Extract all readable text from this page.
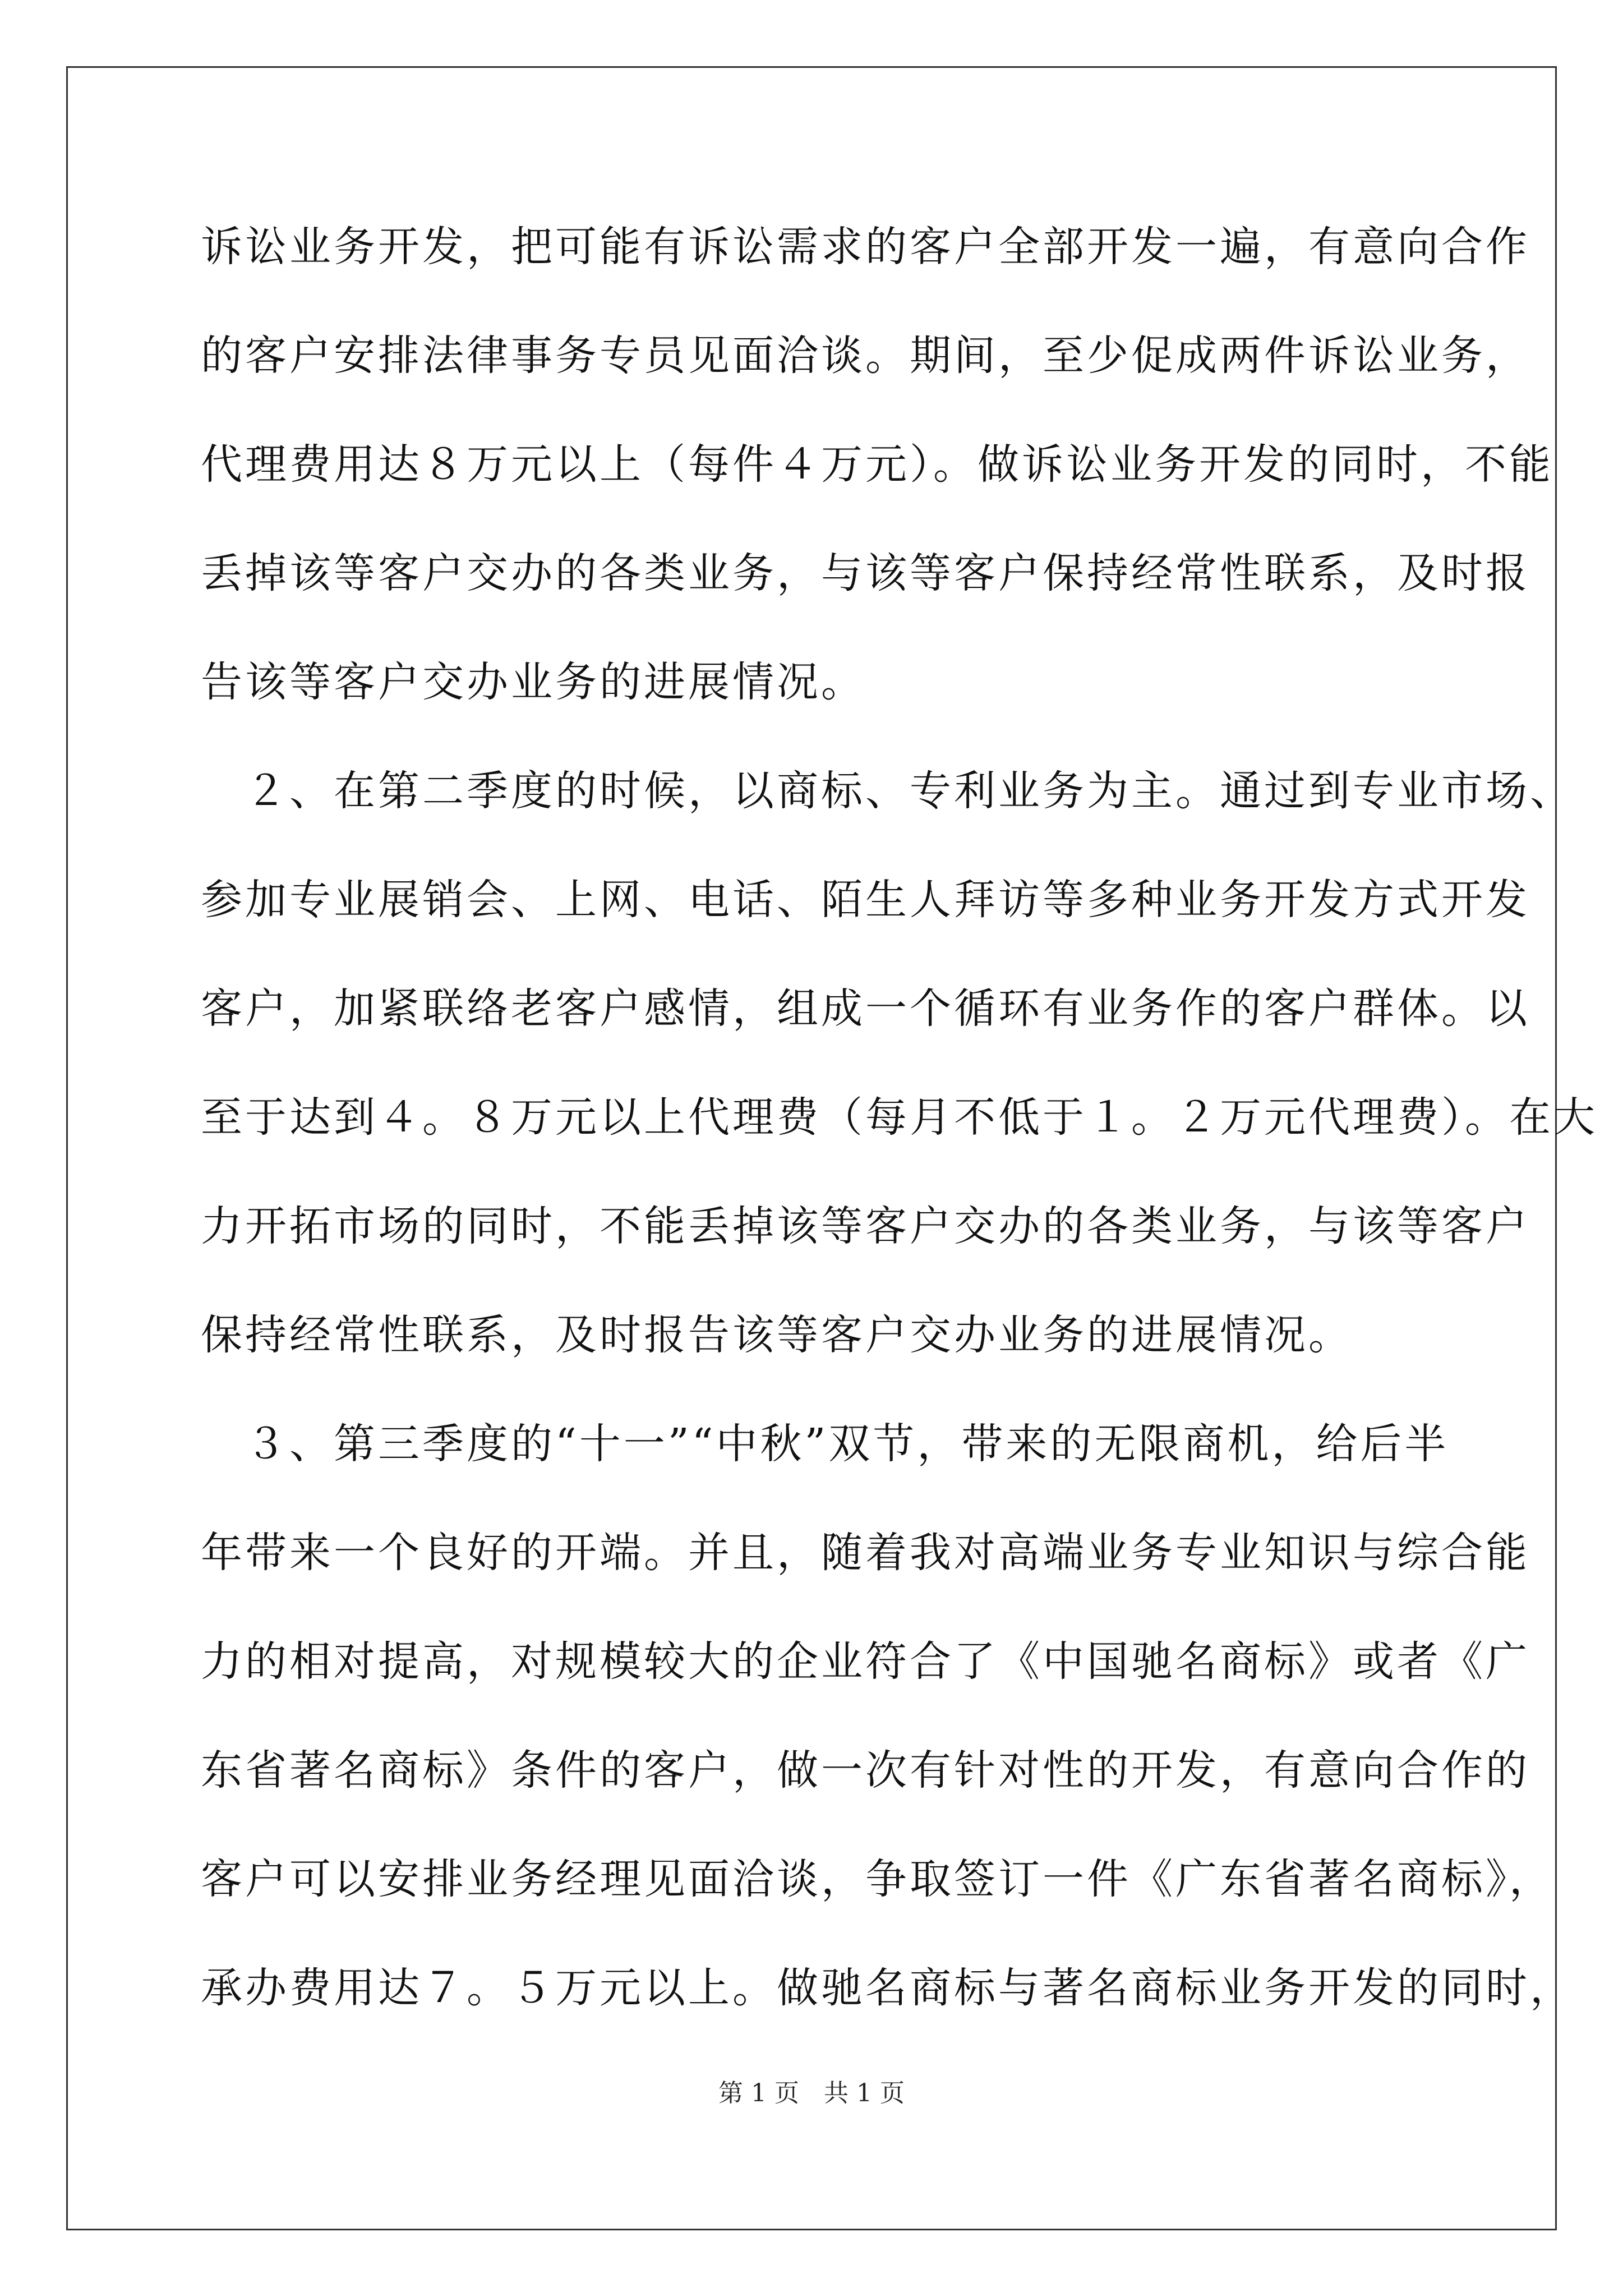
诉讼业务开发，把可能有诉讼需求的客户全部开发一遍，有意向合作
的客户安排法律事务专员见面洽谈。期间，至少促成两件诉讼业务，
代理费用达８万元以上（每件４万元）。做诉讼业务开发的同时，不能
丢掉该等客户交办的各类业务，与该等客户保持经常性联系，及时报
告该等客户交办业务的进展情况。
　２、在第二季度的时候，以商标、专利业务为主。通过到专业市场、
参加专业展销会、上网、电话、陌生人拜访等多种业务开发方式开发
客户，加紧联络老客户感情，组成一个循环有业务作的客户群体。以
至于达到４。８万元以上代理费（每月不低于１。２万元代理费）。在大
力开拓市场的同时，不能丢掉该等客户交办的各类业务，与该等客户
保持经常性联系，及时报告该等客户交办业务的进展情况。
　３、第三季度的“十一”“中秋”双节，带来的无限商机，给后半
年带来一个良好的开端。并且，随着我对高端业务专业知识与综合能
力的相对提高，对规模较大的企业符合了《中国驰名商标》或者《广
东省著名商标》条件的客户，做一次有针对性的开发，有意向合作的
客户可以安排业务经理见面洽谈，争取签订一件《广东省著名商标》，
承办费用达７。５万元以上。做驰名商标与著名商标业务开发的同时，
第 1 页　共 1 页
